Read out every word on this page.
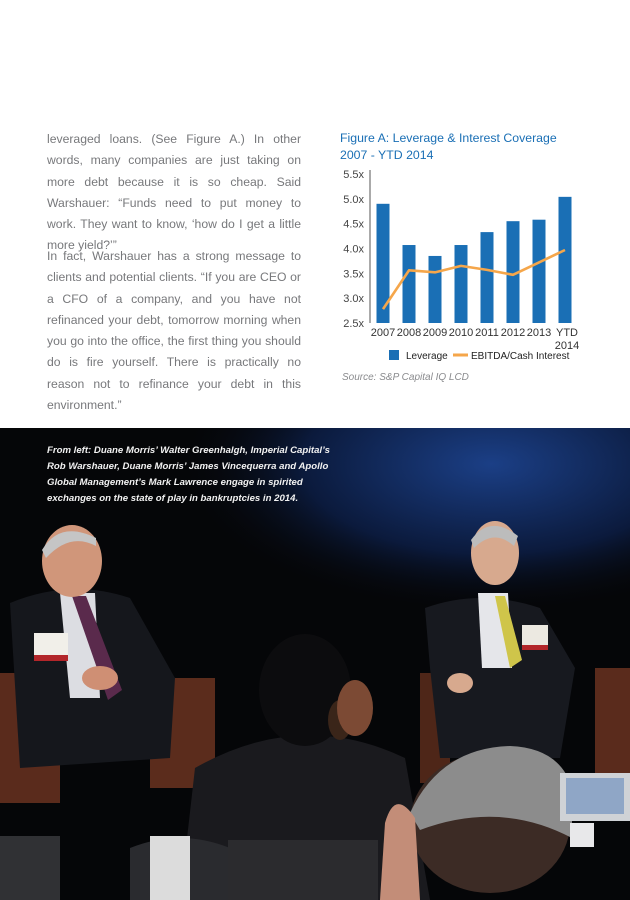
leveraged loans. (See Figure A.) In other words, many companies are just taking on more debt because it is so cheap. Said Warshauer: “Funds need to put money to work. They want to know, ‘how do I get a little more yield?’”

In fact, Warshauer has a strong message to clients and potential clients. “If you are CEO or a CFO of a company, and you have not refinanced your debt, tomorrow morning when you go into the office, the first thing you should do is fire yourself. There is practically no reason not to refinance your debt in this environment.”

Figure A: Leverage & Interest Coverage
2007 - YTD 2014
2.5x
3.0x
3.5x
4.0x
4.5x
5.0x
5.5x
2007 2008 2009 2010 2011 2012 2013 YTD 2014
Leverage EBITDA/Cash Interest
Source: S&P Capital IQ LCD

From left: Duane Morris’ Walter Greenhalgh, Imperial Capital’s Rob Warshauer, Duane Morris’ James Vincequerra and Apollo Global Management’s Mark Lawrence engage in spirited exchanges on the state of play in bankruptcies in 2014.
